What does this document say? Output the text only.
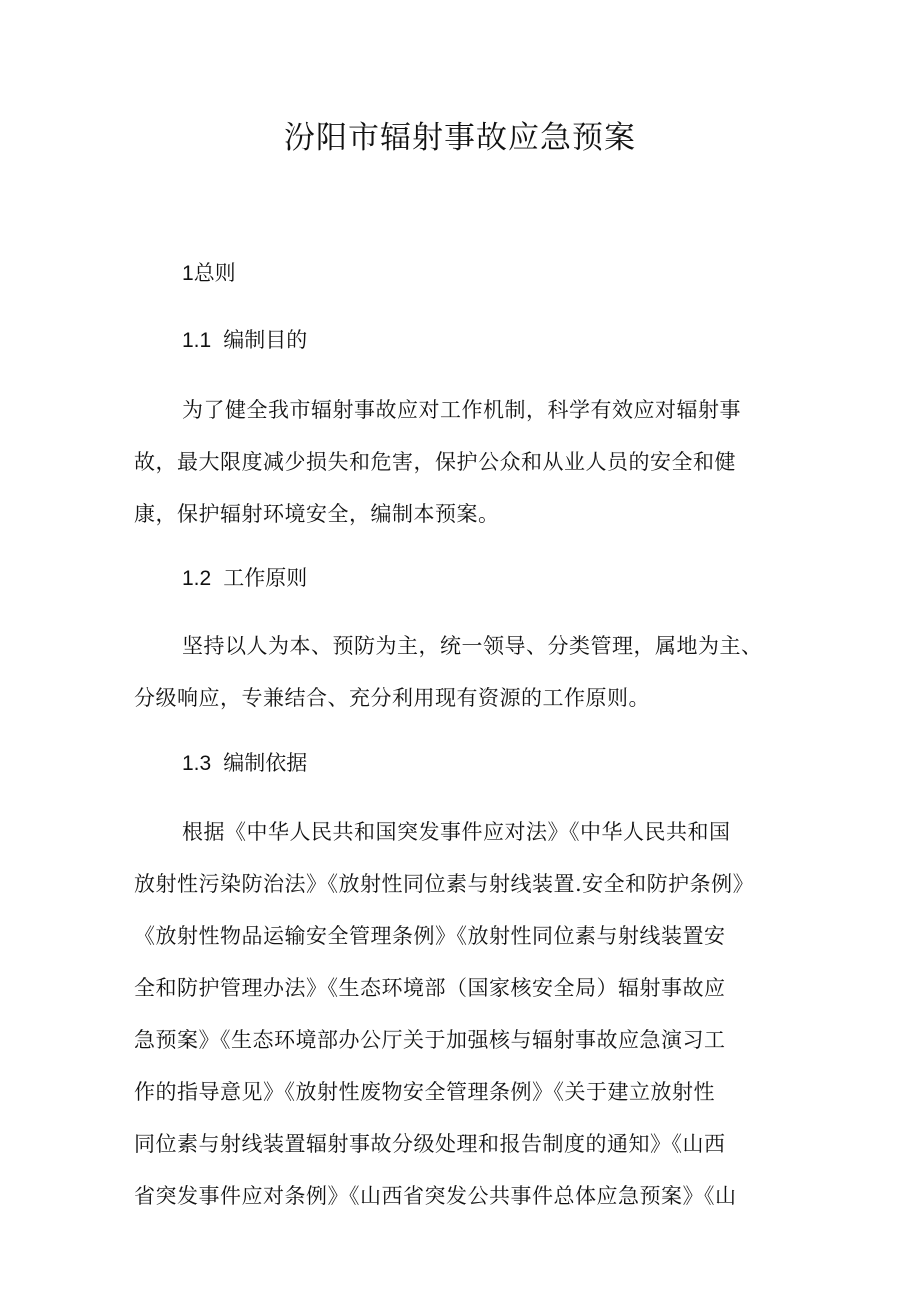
汾阳市辐射事故应急预案
1总则
1.1 编制目的
为了健全我市辐射事故应对工作机制，科学有效应对辐射事
故，最大限度减少损失和危害，保护公众和从业人员的安全和健
康，保护辐射环境安全，编制本预案。
1.2 工作原则
坚持以人为本、预防为主，统一领导、分类管理，属地为主、
分级响应，专兼结合、充分利用现有资源的工作原则。
1.3 编制依据
根据《中华人民共和国突发事件应对法》《中华人民共和国
放射性污染防治法》《放射性同位素与射线装置.安全和防护条例》
《放射性物品运输安全管理条例》《放射性同位素与射线装置安
全和防护管理办法》《生态环境部（国家核安全局）辐射事故应
急预案》《生态环境部办公厅关于加强核与辐射事故应急演习工
作的指导意见》《放射性废物安全管理条例》《关于建立放射性
同位素与射线装置辐射事故分级处理和报告制度的通知》《山西
省突发事件应对条例》《山西省突发公共事件总体应急预案》《山
